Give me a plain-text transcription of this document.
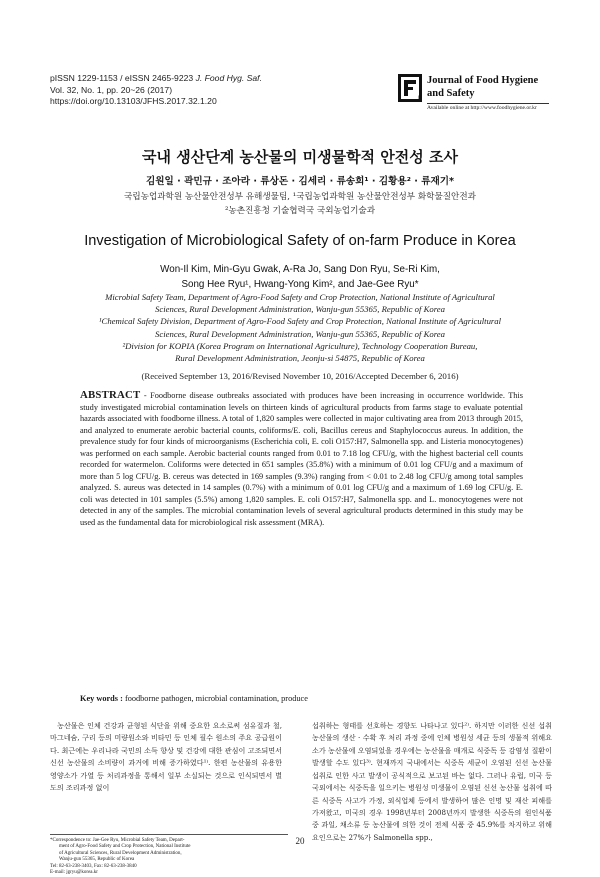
pISSN 1229-1153 / eISSN 2465-9223 J. Food Hyg. Saf.
Vol. 32, No. 1, pp. 20~26 (2017)
https://doi.org/10.13103/JFHS.2017.32.1.20	F
Journal of Food Hygiene
and Safety
Available online at http://www.foodhygiene.or.kr
국내 생산단계 농산물의 미생물학적 안전성 조사
김원일 · 곽민규 · 조아라 · 류상돈 · 김세리 · 류송희¹ · 김황용² · 류재기*
국립농업과학원 농산물안전성부 유해생물팀, ¹국립농업과학원 농산물안전성부 화학물질안전과
²농촌진흥청 기술협력국 국외농업기술과
Investigation of Microbiological Safety of on-farm Produce in Korea
Won-Il Kim, Min-Gyu Gwak, A-Ra Jo, Sang Don Ryu, Se-Ri Kim,
Song Hee Ryu¹, Hwang-Yong Kim², and Jae-Gee Ryu*
Microbial Safety Team, Department of Agro-Food Safety and Crop Protection, National Institute of Agricultural
Sciences, Rural Development Administration, Wanju-gun 55365, Republic of Korea
¹Chemical Safety Division, Department of Agro-Food Safety and Crop Protection, National Institute of Agricultural
Sciences, Rural Development Administration, Wanju-gun 55365, Republic of Korea
²Division for KOPIA (Korea Program on International Agriculture), Technology Cooperation Bureau,
Rural Development Administration, Jeonju-si 54875, Republic of Korea
(Received September 13, 2016/Revised November 10, 2016/Accepted December 6, 2016)
ABSTRACT - Foodborne disease outbreaks associated with produces have been increasing in occurrence worldwide. This study investigated microbial contamination levels on thirteen kinds of agricultural products from farms stage to evaluate potential hazards associated with foodborne illness. A total of 1,820 samples were collected in major cultivating area from 2013 through 2015, and analyzed to enumerate aerobic bacterial counts, coliforms/E. coli, Bacillus cereus and Staphylococcus aureus. In addition, the prevalence study for four kinds of microorganisms (Escherichia coli, E. coli O157:H7, Salmonella spp. and Listeria monocytogenes) was performed on each sample. Aerobic bacterial counts ranged from 0.01 to 7.18 log CFU/g, with the highest bacterial cell counts recorded for watermelon. Coliforms were detected in 651 samples (35.8%) with a minimum of 0.01 log CFU/g and a maximum of more than 5 log CFU/g. B. cereus was detected in 169 samples (9.3%) ranging from < 0.01 to 2.48 log CFU/g among total samples analyzed. S. aureus was detected in 14 samples (0.7%) with a minimum of 0.01 log CFU/g and a maximum of 1.69 log CFU/g. E. coli was detected in 101 samples (5.5%) among 1,820 samples. E. coli O157:H7, Salmonella spp. and L. monocytogenes were not detected in any of the samples. The microbial contamination levels of several agricultural products determined in this study may be used as the fundamental data for microbiological risk assessment (MRA).
Key words : foodborne pathogen, microbial contamination, produce

농산물은 인체 건강과 균형된 식단을 위해 중요한 요소로써 섬유질과 철, 마그네슘, 구리 등의 미량원소와 비타민 등 인체 필수 원소의 주요 공급원이다. 최근에는 우리나라 국민의 소득 향상 및 건강에 대한 관심이 고조되면서 신선 농산물의 소비량이 과거에 비해 증가하였다¹⁾. 한편 농산물의 유용한 영양소가 가열 등 처리과정을 통해서 일부 소실되는 것으로 인식되면서 별도의 조리과정 없이

섭취하는 형태를 선호하는 경향도 나타나고 있다²⁾. 하지만 이러한 신선 섭취 농산물의 생산 · 수확 후 처리 과정 중에 인체 병원성 세균 등의 생물적 위해요소가 농산물에 오염되었을 경우에는 농산물을 매개로 식중독 등 감염성 질환이 발생할 수도 있다³⁾. 현재까지 국내에서는 식중독 세균이 오염된 신선 농산물 섭취로 인한 사고 발생이 공식적으로 보고된 바는 없다. 그러나 유럽, 미국 등 국외에서는 식중독을 일으키는 병원성 미생물이 오염된 신선 농산물 섭취에 따른 식중독 사고가 가정, 외식업체 등에서 발생하여 많은 인명 및 재산 피해를 가져왔고, 미국의 경우 1998년부터 2008년까지 발생한 식중독의 원인식품 중 과일, 채소류 등 농산물에 의한 것이 전체 식품 중 45.9%를 차지하고 위해요인으로는 27%가 Salmonella spp.,

*Correspondence to: Jae-Gee Ryu, Microbial Safety Team, Depart-
ment of Agro-Food Safety and Crop Protection, National Institute
of Agricultural Sciences, Rural Development Administration,
Wanju-gun 55365, Republic of Korea
Tel: 82-63-238-3403, Fax: 82-63-238-3840
E-mail: jgryu@korea.kr
20
